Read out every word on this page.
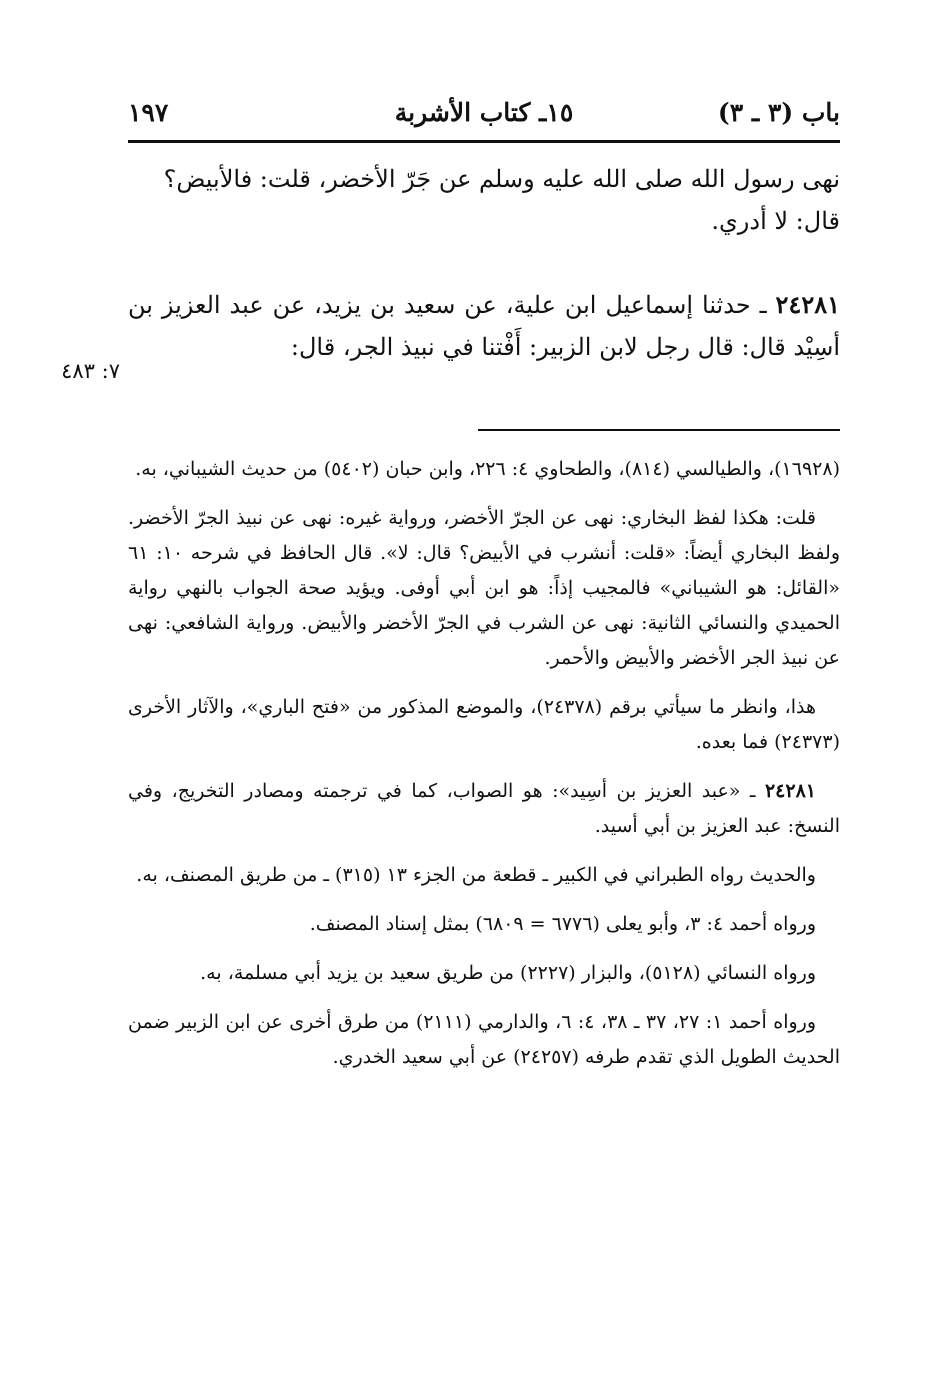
باب (٣ ـ ٣)
١٥ـ كتاب الأشربة
١٩٧

نهى رسول الله صلى الله عليه وسلم عن جَرّ الأخضر، قلت: فالأبيض؟

قال: لا أدري.

٢٤٢٨١ ـ حدثنا إسماعيل ابن علية، عن سعيد بن يزيد، عن عبد العزيز بن أسِيْد قال: قال رجل لابن الزبير: أَفْتنا في نبيذ الجر، قال:

٧: ٤٨٣

(١٦٩٢٨)، والطيالسي (٨١٤)، والطحاوي ٤: ٢٢٦، وابن حبان (٥٤٠٢) من حديث الشيباني، به.

قلت: هكذا لفظ البخاري: نهى عن الجرّ الأخضر، ورواية غيره: نهى عن نبيذ الجرّ الأخضر. ولفظ البخاري أيضاً: «قلت: أنشرب في الأبيض؟ قال: لا». قال الحافظ في شرحه ١٠: ٦١ «القائل: هو الشيباني» فالمجيب إذاً: هو ابن أبي أوفى. ويؤيد صحة الجواب بالنهي رواية الحميدي والنسائي الثانية: نهى عن الشرب في الجرّ الأخضر والأبيض. ورواية الشافعي: نهى عن نبيذ الجر الأخضر والأبيض والأحمر.

هذا، وانظر ما سيأتي برقم (٢٤٣٧٨)، والموضع المذكور من «فتح الباري»، والآثار الأخرى (٢٤٣٧٣) فما بعده.

٢٤٢٨١ ـ «عبد العزيز بن أسِيد»: هو الصواب، كما في ترجمته ومصادر التخريج، وفي النسخ: عبد العزيز بن أبي أسيد.

والحديث رواه الطبراني في الكبير ـ قطعة من الجزء ١٣ (٣١٥) ـ من طريق المصنف، به.

ورواه أحمد ٤: ٣، وأبو يعلى (٦٧٧٦ = ٦٨٠٩) بمثل إسناد المصنف.

ورواه النسائي (٥١٢٨)، والبزار (٢٢٢٧) من طريق سعيد بن يزيد أبي مسلمة، به.

ورواه أحمد ١: ٢٧، ٣٧ ـ ٣٨، ٤: ٦، والدارمي (٢١١١) من طرق أخرى عن ابن الزبير ضمن الحديث الطويل الذي تقدم طرفه (٢٤٢٥٧) عن أبي سعيد الخدري.
